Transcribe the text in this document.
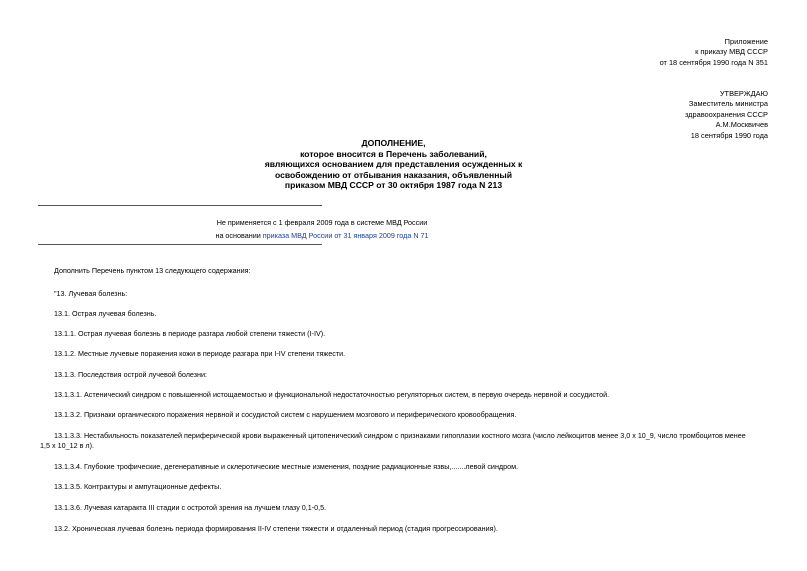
Приложение
к приказу МВД СССР
от 18 сентября 1990 года N 351
УТВЕРЖДАЮ
Заместитель министра
здравоохранения СССР
А.М.Москвичев
18 сентября 1990 года
ДОПОЛНЕНИЕ,
которое вносится в Перечень заболеваний,
являющихся основанием для представления осужденных к
освобождению от отбывания наказания, объявленный
приказом МВД СССР от 30 октября 1987 года N 213
Не применяется с 1 февраля 2009 года в системе МВД России
на основании приказа МВД России от 31 января 2009 года N 71
Дополнить Перечень пунктом 13 следующего содержания:
"13. Лучевая болезнь:
13.1. Острая лучевая болезнь.
13.1.1. Острая лучевая болезнь в периоде разгара любой степени тяжести (I-IV).
13.1.2. Местные лучевые поражения кожи в периоде разгара при I-IV степени тяжести.
13.1.3. Последствия острой лучевой болезни:
13.1.3.1. Астенический синдром с повышенной истощаемостью и функциональной недостаточностью регуляторных систем, в первую очередь нервной и сосудистой.
13.1.3.2. Признаки органического поражения нервной и сосудистой систем с нарушением мозгового и периферического кровообращения.
13.1.3.3. Нестабильность показателей периферической крови выраженный цитопенический синдром с признаками гипоплазии костного мозга (число лейкоцитов менее 3,0 x 10_9, число тромбоцитов менее 1,5 x 10_12 в л).
13.1.3.4. Глубокие трофические, дегенеративные и склеротические местные изменения, поздние радиационные язвы,.......левой синдром.
13.1.3.5. Контрактуры и ампутационные дефекты.
13.1.3.6. Лучевая катаракта III стадии с остротой зрения на лучшем глазу 0,1-0,5.
13.2. Хроническая лучевая болезнь периода формирования II-IV степени тяжести и отдаленный период (стадия прогрессирования).
